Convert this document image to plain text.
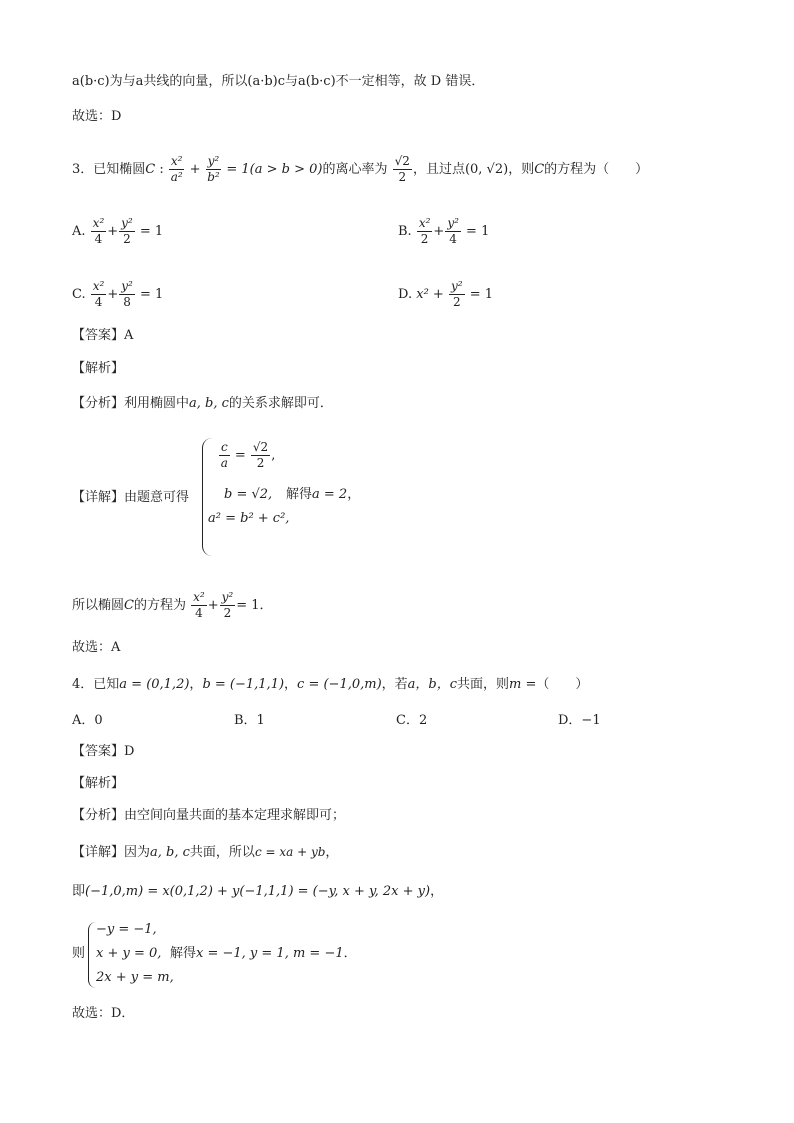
a(b·c)为与a共线的向量，所以(a·b)c与a(b·c)不一定相等，故 D 错误．
故选：D
3．已知椭圆C : $\frac{\text{x²}}{\text{a²}} + \frac{\text{y²}}{\text{b²}} = 1(a > b > 0)$的离心率为 $\frac{√2}{2}$ ，且过点(0, √2)，则C的方程为（　　）
A. $\frac{\text{x²}}{4} + \frac{\text{y²}}{2} = 1$	B. $\frac{\text{x²}}{2} + \frac{\text{y²}}{4} = 1$
C. $\frac{\text{x²}}{4} + \frac{\text{y²}}{8} = 1$	D. $x^2 + \frac{\text{y²}}{2} = 1$
【答案】A
【解析】
【分析】利用椭圆中a, b, c的关系求解即可．
【详解】由题意可得
$\frac{c}{a} = \frac{√2}{2}$ ,
b = √2, 解得a = 2，
a² = b² + c²,
所以椭圆C的方程为 $\frac{\text{x²}}{4} + \frac{\text{y²}}{2} = 1$．
故选：A
4．已知a = (0,1,2)，b = (−1,1,1)，c = (−1,0,m)，若a，b，c共面，则m =（　　）
A．0	B．1	C．2	D．−1
【答案】D
【解析】
【分析】由空间向量共面的基本定理求解即可；
【详解】因为a, b, c共面，所以c = xa + yb，
即(−1,0,m) = x(0,1,2) + y(−1,1,1) = (−y, x + y, 2x + y)，
则
−y = −1,
x + y = 0, 解得x = −1, y = 1, m = −1．
2x + y = m,
故选：D．
